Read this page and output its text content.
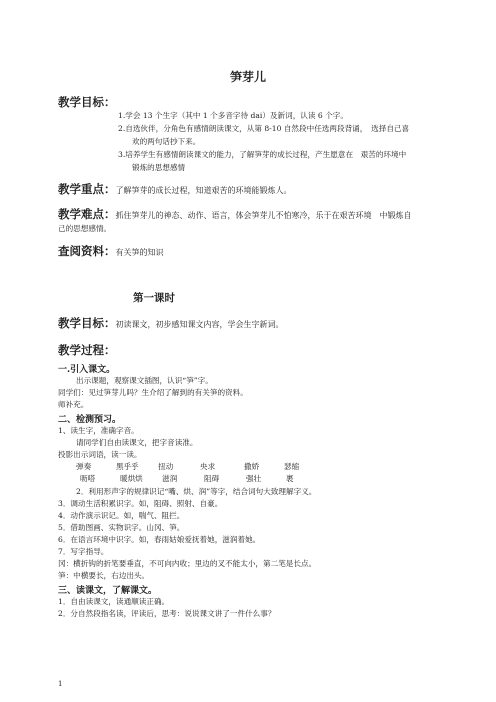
笋芽儿
教学目标：
1.学会 13 个生字（其中 1 个多音字待 dai）及新词，认读 6 个字。
2.自选伙伴，分角色有感情朗读课文，从第 8-10 自然段中任选两段背诵，　选择自己喜
欢的两句话抄下来。
3.培养学生有感情朗读课文的能力，了解笋芽的成长过程，产生愿意在　艰苦的环境中
锻炼的思想感情
教学重点：了解笋芽的成长过程，知道艰苦的环境能锻炼人。
教学难点：抓住笋芽儿的神态、动作、语言，体会笋芽儿不怕寒冷，乐于在艰苦环境　中锻炼自
己的思想感情。
查阅资料：有关笋的知识
第一课时
教学目标：初读课文，初步感知课文内容，学会生字新词。
教学过程：
一.引入课文。
出示课题，观察课文插图，认识“笋”字。
同学们：见过笋芽儿吗？生介绍了解到的有关笋的资料。
师补充。
二、检测预习。
1、读生字，准确字音。
请同学们自由读课文，把字音读准。
投影出示词语，读一读。
弹奏	黑乎乎	扭动	央求	撒娇	瑟缩
呖嗒	暖烘烘	滋润	阻碍	强壮	裹
2．利用形声字的规律识记“嘴、烘、润”等字，结合词句大致理解字义。
3．调动生活积累识字。如，阻碍、照射、自豪。
4．动作演示识记。如，喘气、阻拦。
5．借助图画、实物识字。山冈、笋。
6．在语言环境中识字。如，春雨姑娘爱抚着她，滋润着她。
7．写字指导。
冈：横折钩的折笔要垂直，不可向内收；里边的叉不能太小，第二笔是长点。
笋：中横要长，右边出头。
三、读课文，了解课文。
1．自由读课文，读通顺读正确。
2．分自然段指名读，评读后，思考：说说课文讲了一件什么事？
1
